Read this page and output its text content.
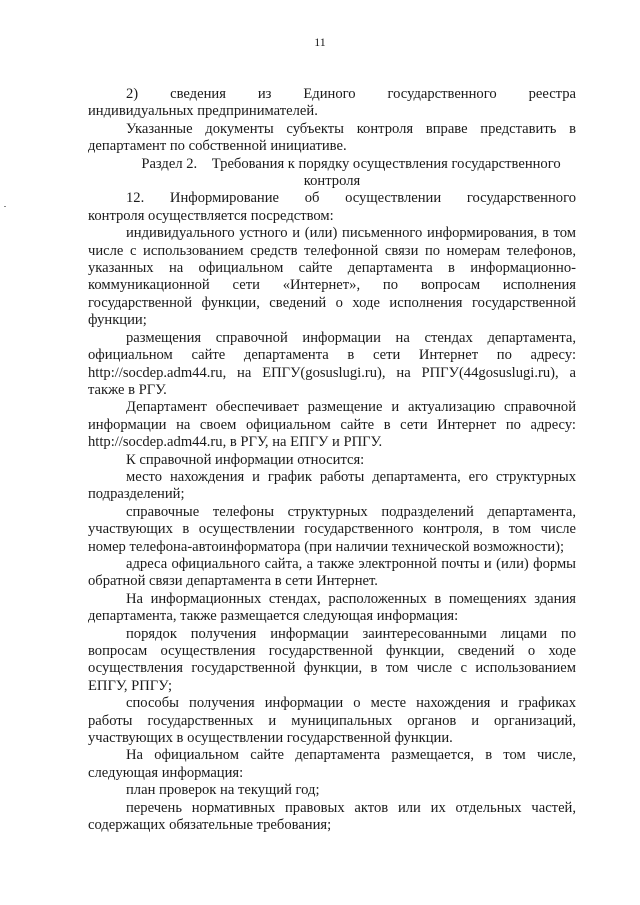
11

2)      сведения      из      Единого      государственного      реестра индивидуальных предпринимателей.

Указанные документы субъекты контроля вправе представить в департамент по собственной инициативе.

Раздел 2. Требования к порядку осуществления государственного контроля

12.    Информирование    об    осуществлении    государственного контроля осуществляется посредством:

индивидуального устного и (или) письменного информирования, в том числе с использованием средств телефонной связи по номерам телефонов, указанных на официальном сайте департамента в информационно-коммуникационной сети «Интернет», по вопросам исполнения государственной функции, сведений о ходе исполнения государственной функции;

размещения справочной информации на стендах департамента, официальном сайте департамента в сети Интернет по адресу: http://socdep.adm44.ru, на ЕПГУ(gosuslugi.ru), на РПГУ(44gosuslugi.ru), а также в РГУ.

Департамент обеспечивает размещение и актуализацию справочной информации на своем официальном сайте в сети Интернет по адресу: http://socdep.adm44.ru, в РГУ, на ЕПГУ и РПГУ.

К справочной информации относится:

место нахождения и график работы департамента, его структурных подразделений;

справочные телефоны структурных подразделений департамента, участвующих в осуществлении государственного контроля, в том числе номер телефона-автоинформатора (при наличии технической возможности);

адреса официального сайта, а также электронной почты и (или) формы обратной связи департамента в сети Интернет.

На информационных стендах, расположенных в помещениях здания департамента, также размещается следующая информация:

порядок получения информации заинтересованными лицами по вопросам осуществления государственной функции, сведений о ходе осуществления государственной функции, в том числе с использованием ЕПГУ, РПГУ;

способы получения информации о месте нахождения и графиках работы государственных и муниципальных органов и организаций, участвующих в осуществлении государственной функции.

На официальном сайте департамента размещается, в том числе, следующая информация:

план проверок на текущий год;

перечень нормативных правовых актов или их отдельных частей, содержащих обязательные требования;
